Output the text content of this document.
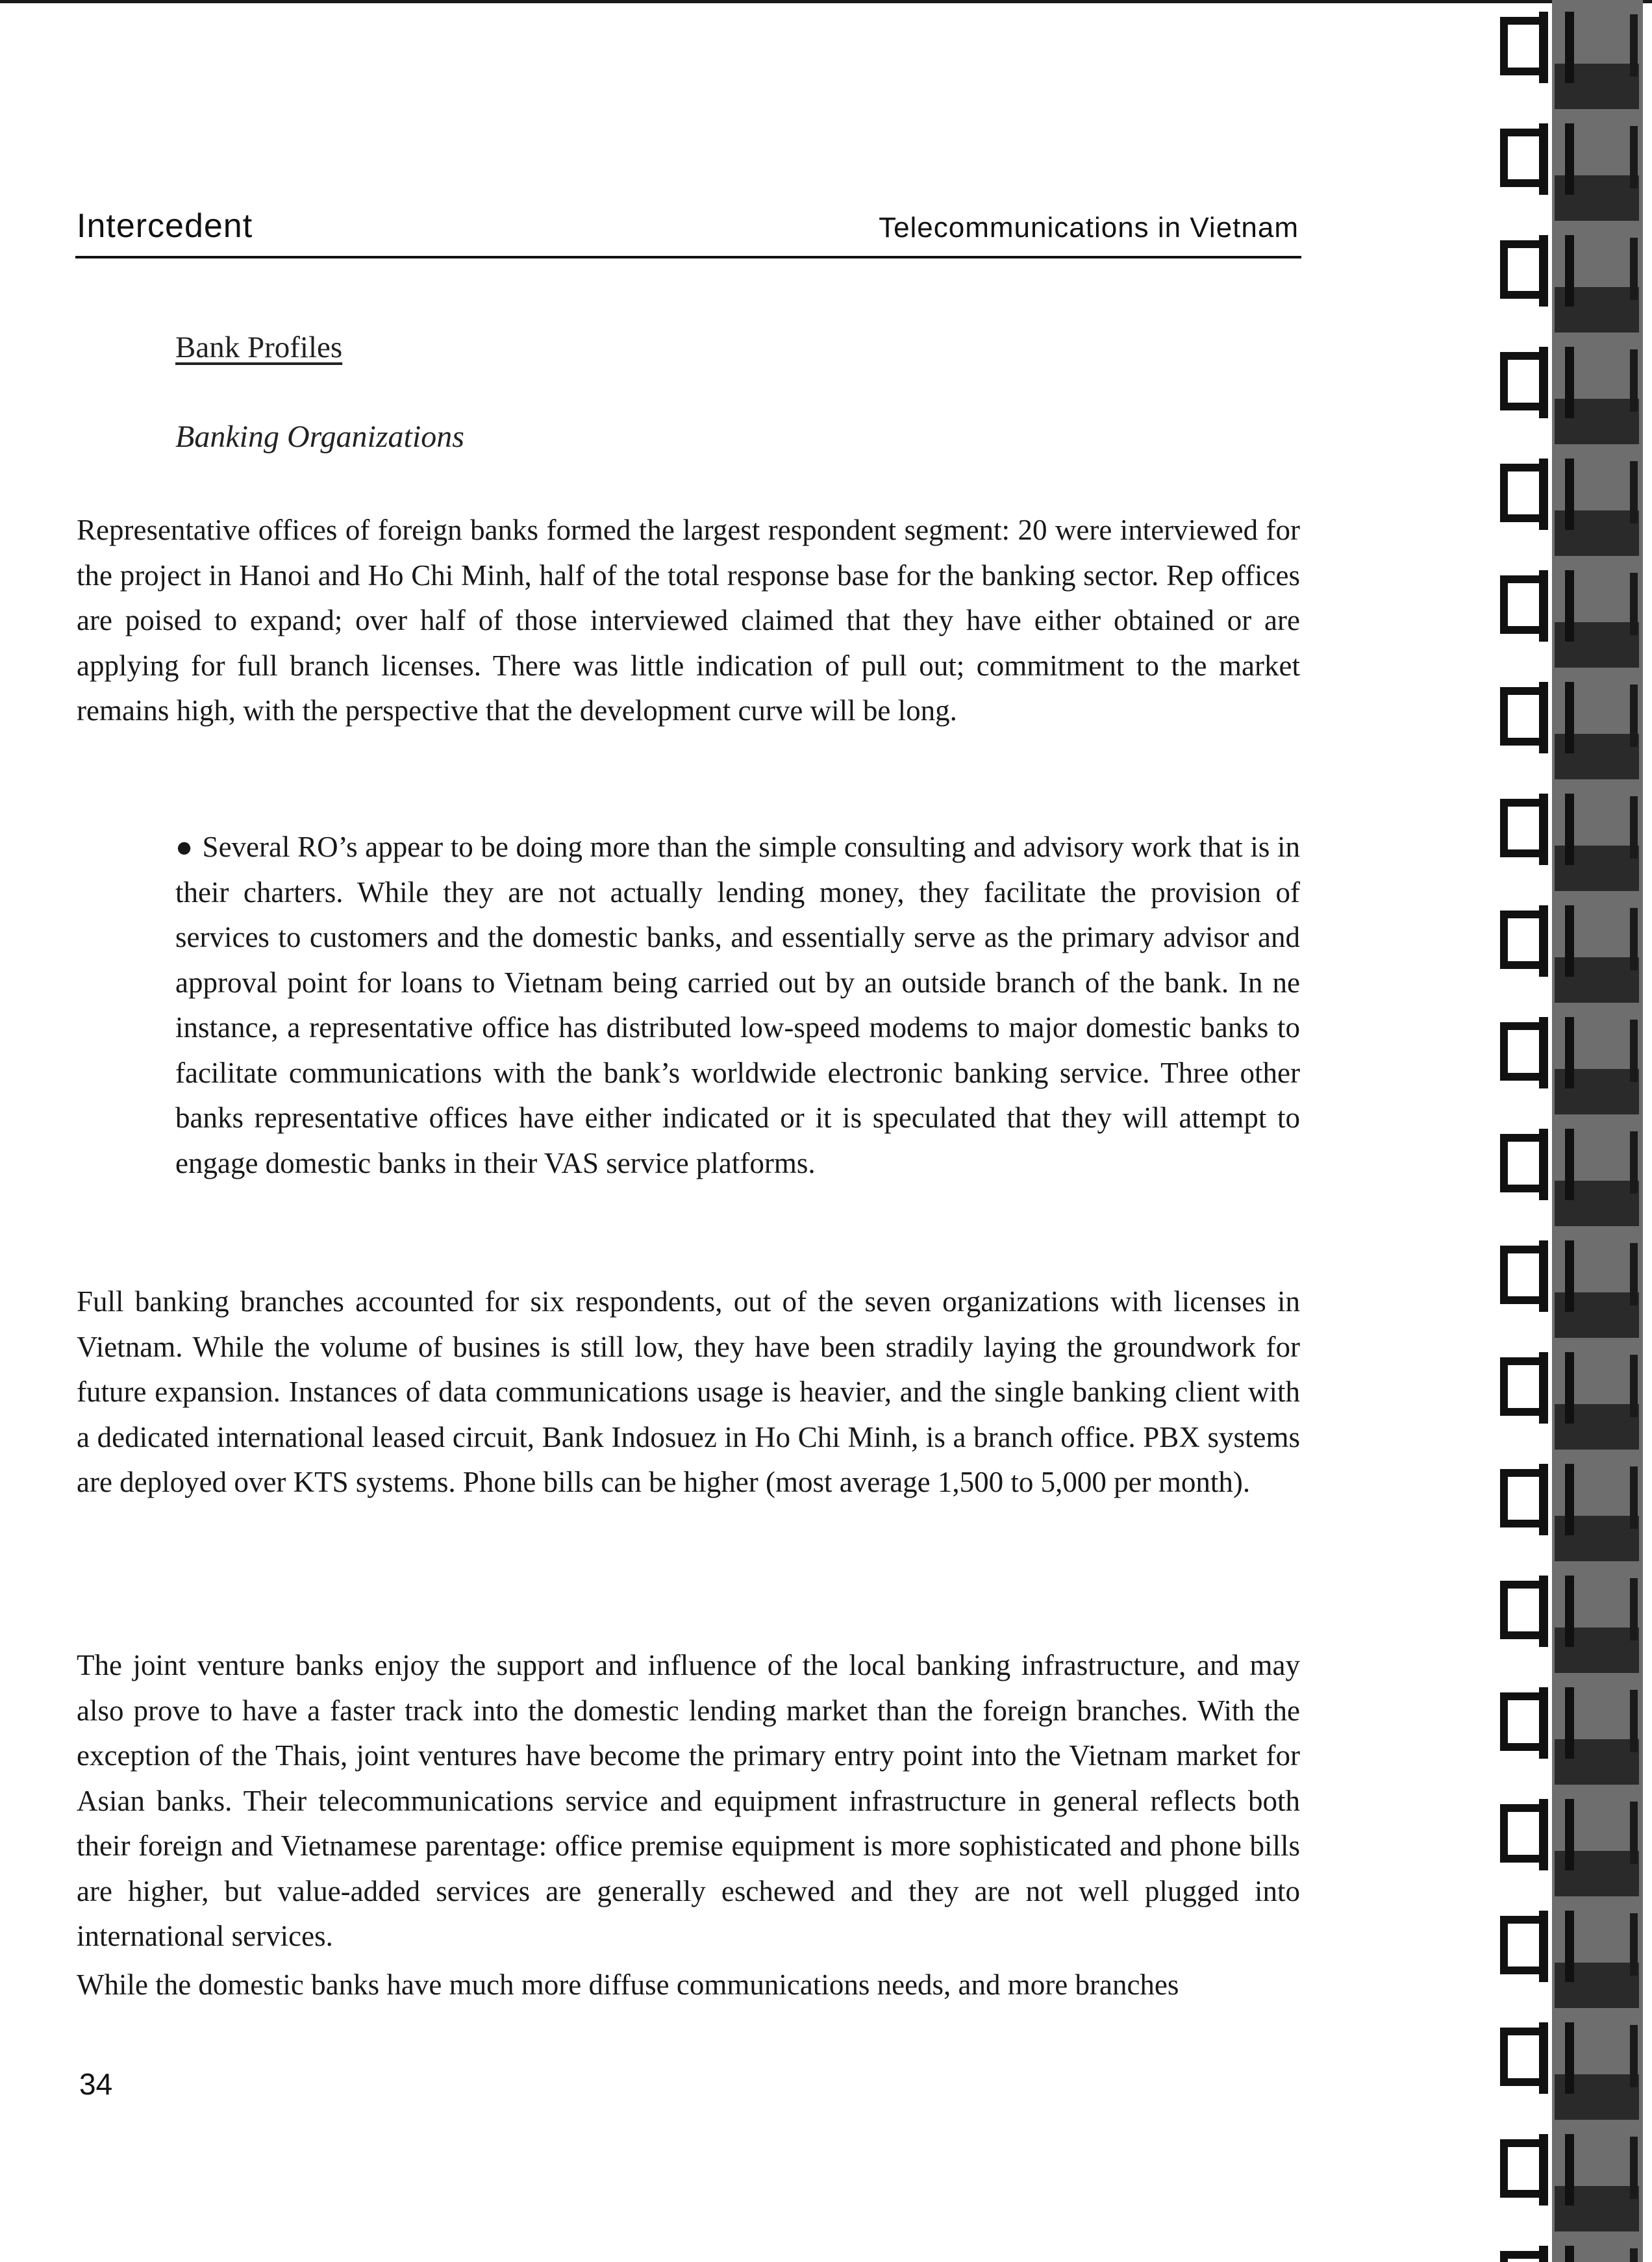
Intercedent	Telecommunications in Vietnam
Bank Profiles
Banking Organizations

Representative offices of foreign banks formed the largest respondent segment: 20 were interviewed for the project in Hanoi and Ho Chi Minh, half of the total response base for the banking sector. Rep offices are poised to expand; over half of those interviewed claimed that they have either obtained or are applying for full branch licenses. There was little indication of pull out; commitment to the market remains high, with the perspective that the development curve will be long.

● Several RO’s appear to be doing more than the simple consulting and advisory work that is in their charters. While they are not actually lending money, they facilitate the provision of services to customers and the domestic banks, and essentially serve as the primary advisor and approval point for loans to Vietnam being carried out by an outside branch of the bank. In ne instance, a representative office has distributed low-speed modems to major domestic banks to facilitate communications with the bank’s worldwide electronic banking service. Three other banks representative offices have either indicated or it is speculated that they will attempt to engage domestic banks in their VAS service platforms.

Full banking branches accounted for six respondents, out of the seven organizations with licenses in Vietnam. While the volume of busines is still low, they have been stradily laying the groundwork for future expansion. Instances of data communications usage is heavier, and the single banking client with a dedicated international leased circuit, Bank Indosuez in Ho Chi Minh, is a branch office. PBX systems are deployed over KTS systems. Phone bills can be higher (most average 1,500 to 5,000 per month).

The joint venture banks enjoy the support and influence of the local banking infrastructure, and may also prove to have a faster track into the domestic lending market than the foreign branches. With the exception of the Thais, joint ventures have become the primary entry point into the Vietnam market for Asian banks. Their telecommunications service and equipment infrastructure in general reflects both their foreign and Vietnamese parentage: office premise equipment is more sophisticated and phone bills are higher, but value-added services are generally eschewed and they are not well plugged into international services.

While the domestic banks have much more diffuse communications needs, and more branches

34
